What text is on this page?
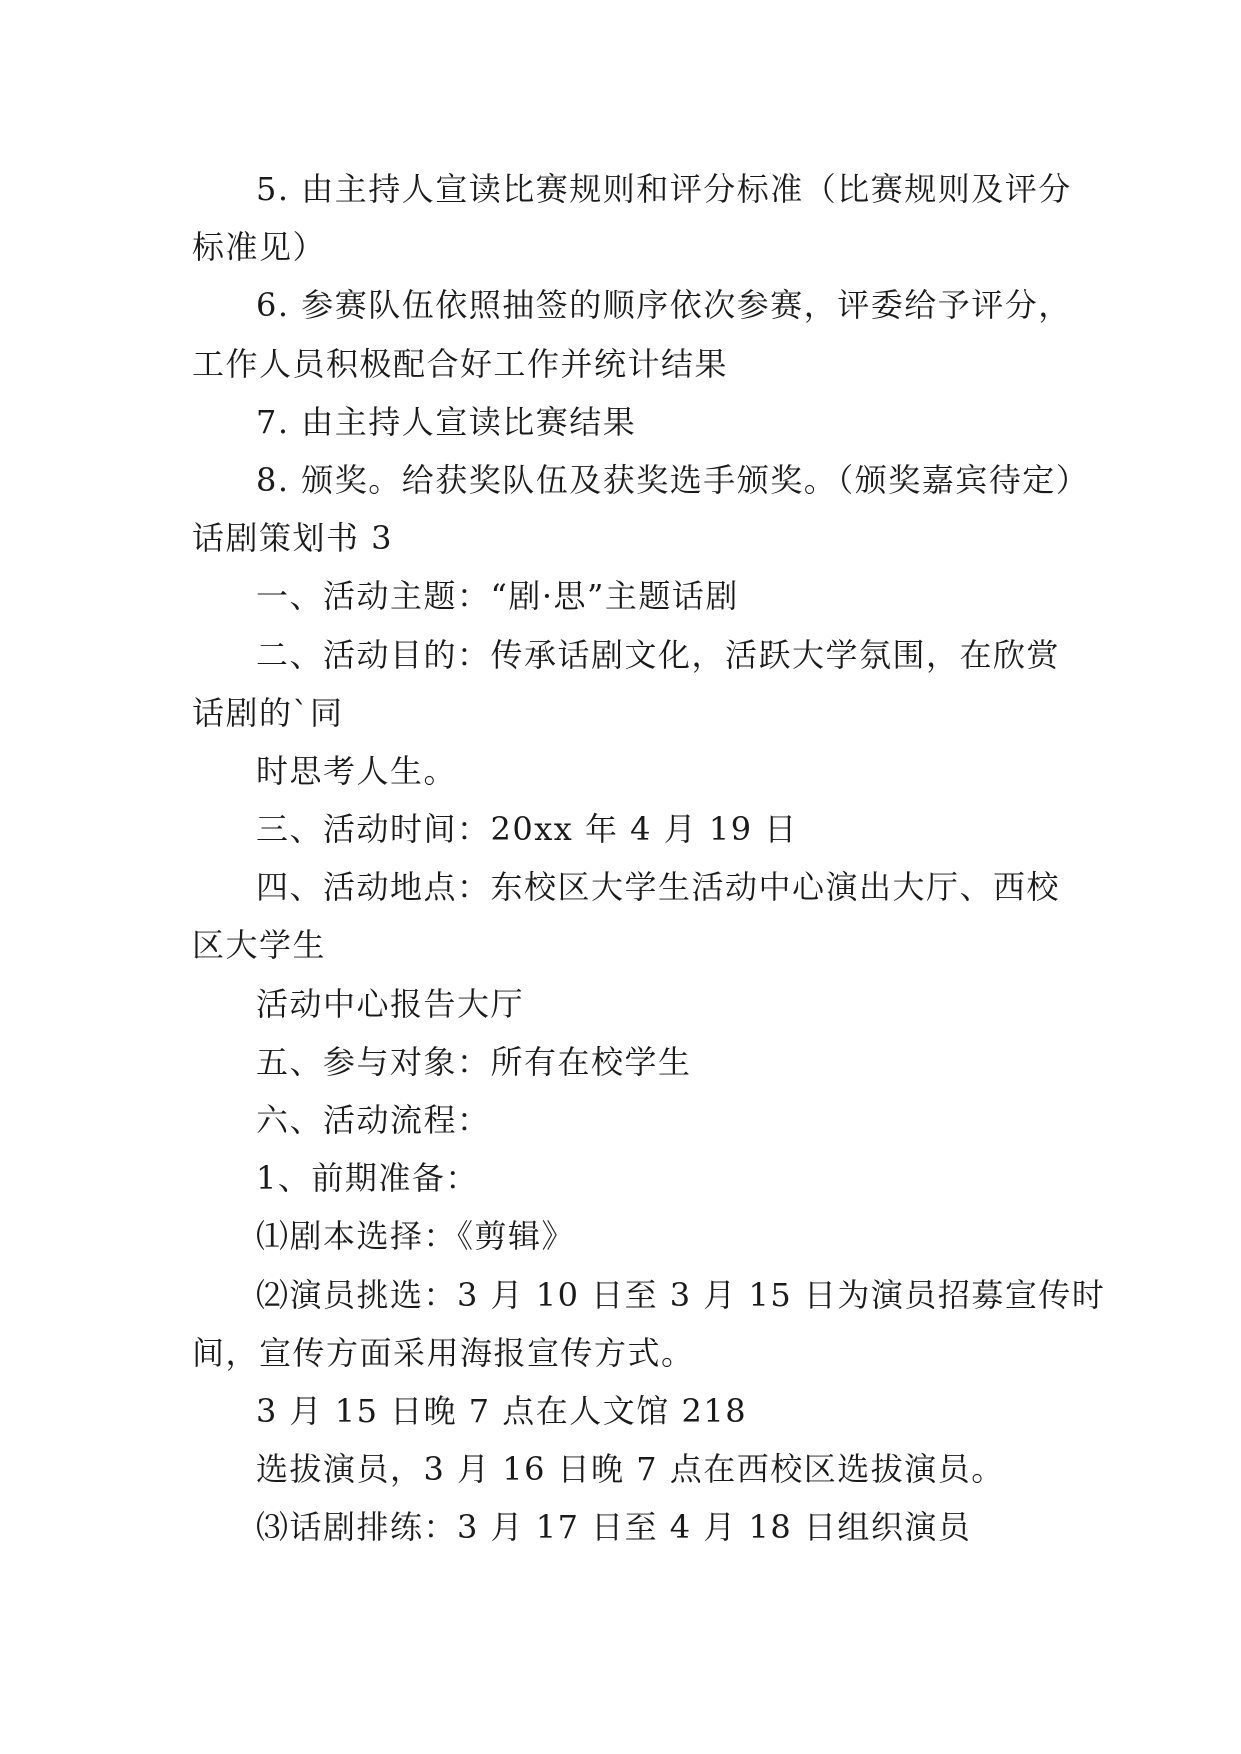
5. 由主持人宣读比赛规则和评分标准（比赛规则及评分
标准见）
6. 参赛队伍依照抽签的顺序依次参赛，评委给予评分，
工作人员积极配合好工作并统计结果
7. 由主持人宣读比赛结果
8. 颁奖。给获奖队伍及获奖选手颁奖。（颁奖嘉宾待定）
话剧策划书 3
一、活动主题：“剧·思”主题话剧
二、活动目的：传承话剧文化，活跃大学氛围，在欣赏
话剧的`同
时思考人生。
三、活动时间：20xx 年 4 月 19 日
四、活动地点：东校区大学生活动中心演出大厅、西校
区大学生
活动中心报告大厅
五、参与对象：所有在校学生
六、活动流程：
1、前期准备：
⑴剧本选择：《剪辑》
⑵演员挑选：3 月 10 日至 3 月 15 日为演员招募宣传时
间，宣传方面采用海报宣传方式。
3 月 15 日晚 7 点在人文馆 218
选拔演员，3 月 16 日晚 7 点在西校区选拔演员。
⑶话剧排练：3 月 17 日至 4 月 18 日组织演员
